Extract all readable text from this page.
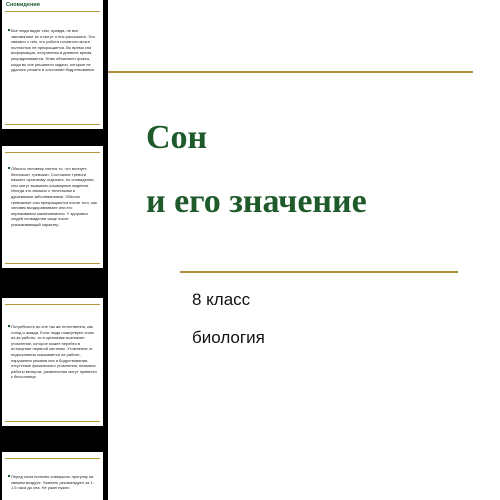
Сновидения
Все люди видят сны, правда, не все запоминают их и могут о них рассказать. Это связано с тем, что работа головного мозга полностью не прекращается. Во время сна информация, полученная в дневное время, упорядочивается. Этим объясняют факты, когда во сне решаются задачи, которые не удалось решить в состоянии бодрствования.
Обычно человеку снится то, что волнует, беспокоит, тревожит. Состояние тревоги мешает организму отдыхать, но сновидения, сны могут вызывать кошмарные видения. Иногда это связано с телесными и душевными заболеваниями. Обычно тревожные сны прекращаются после того, как человек выздоравливает или его переживания заканчиваются. У здоровых людей сновидения чаще носят успокаивающий характер.
Потребность во сне так же естественна, как голод и жажда. Если люди пожертвуют сном из-за работы, то в организме возникает утомление, которое может перейти в истощение нервной системы. Утомление от недосыпания сказывается на работе, нарушения режима сна и бодрствования, отсутствие физического утомления, нехватка работы вечером, развлечения могут привести к бессоннице.
Перед сном полезно совершить прогулку на свежем воздухе. Ужинать рекомендуют за 1-1,5 часа до сна. Не ужин нужно
Сон
и его значение
8 класс
биология
